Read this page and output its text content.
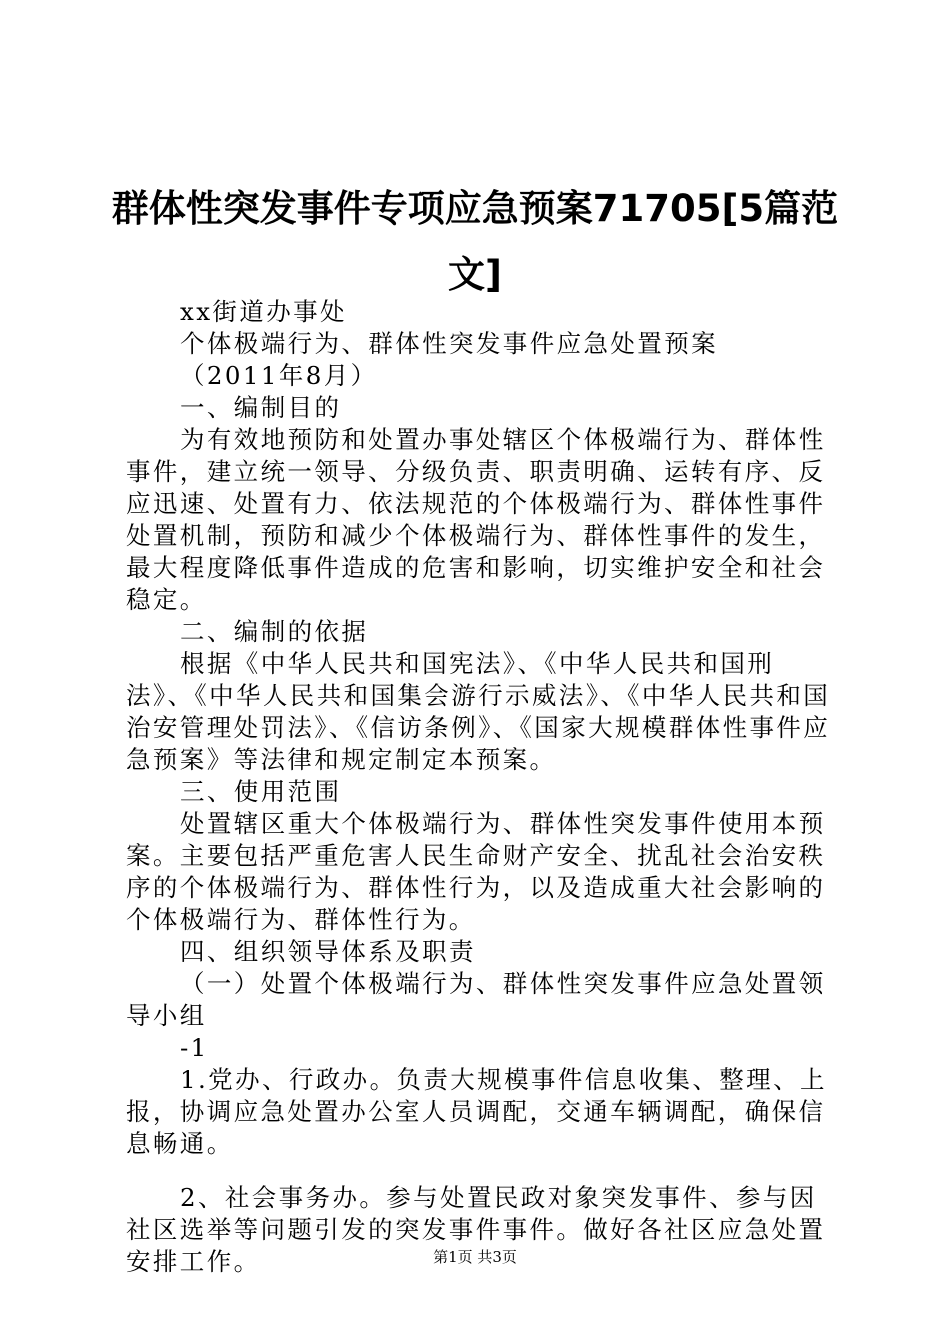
群体性突发事件专项应急预案71705[5篇范
文]

xx街道办事处

个体极端行为、群体性突发事件应急处置预案

（2011年8月）

一、编制目的

为有效地预防和处置办事处辖区个体极端行为、群体性事件，建立统一领导、分级负责、职责明确、运转有序、反应迅速、处置有力、依法规范的个体极端行为、群体性事件处置机制，预防和减少个体极端行为、群体性事件的发生，最大程度降低事件造成的危害和影响，切实维护安全和社会稳定。

二、编制的依据

根据《中华人民共和国宪法》、《中华人民共和国刑法》、《中华人民共和国集会游行示威法》、《中华人民共和国治安管理处罚法》、《信访条例》、《国家大规模群体性事件应急预案》等法律和规定制定本预案。

三、使用范围

处置辖区重大个体极端行为、群体性突发事件使用本预案。主要包括严重危害人民生命财产安全、扰乱社会治安秩序的个体极端行为、群体性行为，以及造成重大社会影响的个体极端行为、群体性行为。

四、组织领导体系及职责

（一）处置个体极端行为、群体性突发事件应急处置领导小组

-1

1.党办、行政办。负责大规模事件信息收集、整理、上报，协调应急处置办公室人员调配，交通车辆调配，确保信息畅通。

2、社会事务办。参与处置民政对象突发事件、参与因社区选举等问题引发的突发事件事件。做好各社区应急处置安排工作。	第1页 共3页
